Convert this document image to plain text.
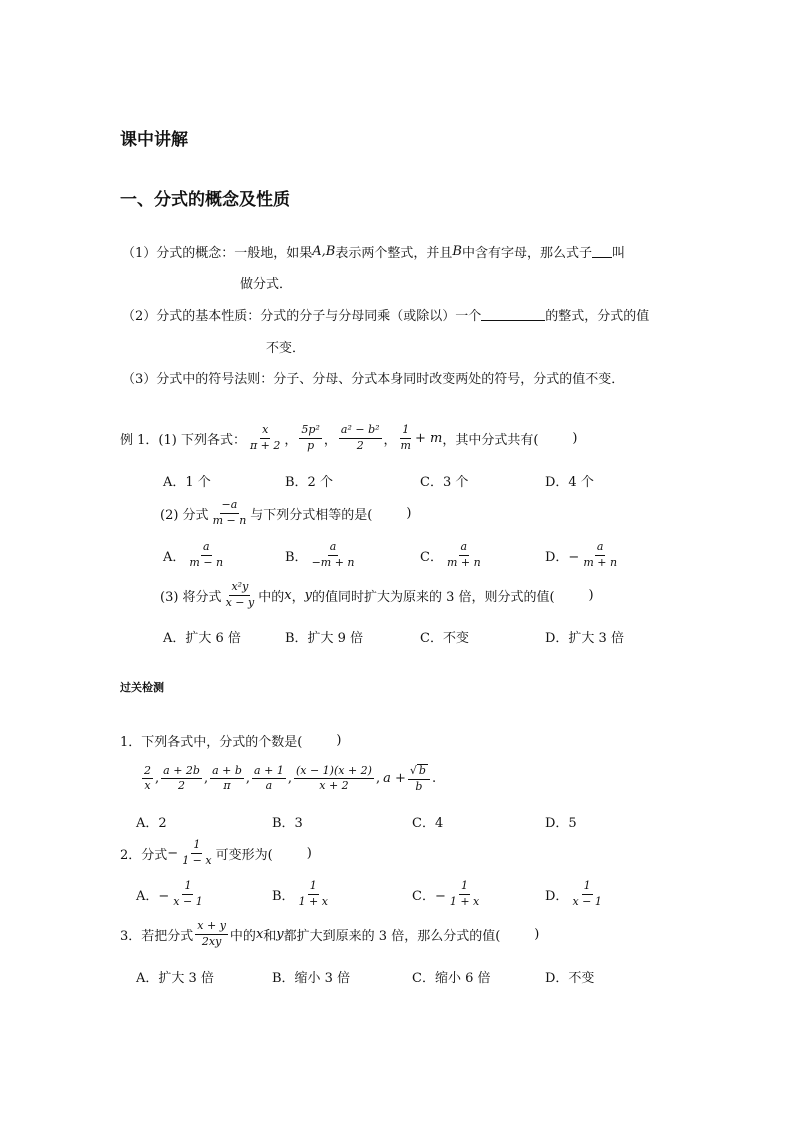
课中讲解
一、分式的概念及性质
（1）分式的概念：一般地，如果 A,B 表示两个整式，并且 B 中含有字母，那么式子 叫
做分式．
（2）分式的基本性质：分式的分子与分母同乘（或除以）一个	的整式，分式的值
不变．
（3）分式中的符号法则：分子、分母、分式本身同时改变两处的符号，分式的值不变．
例 1．(1) 下列各式： $\frac{x}{\pi + 2}$ ， $\frac{\text{5p²}}{p}$ ， $\frac{\text{a² − b²}}{2}$ ， $\frac{1}{m} + m$ ，其中分式共有(	)
A．1 个	B．2 个	C．3 个	D．4 个
(2) 分式 $\frac{-a}{m - n}$ 与下列分式相等的是(	)
A． $\frac{a}{m - n}$	B． $\frac{a}{-m + n}$	C． $\frac{a}{m + n}$	D．− $\frac{a}{m + n}$
(3) 将分式 $\frac{\text{x²y}}{x - y}$ 中的 x ， y 的值同时扩大为原来的 3 倍，则分式的值(	)
A．扩大 6 倍	B．扩大 9 倍	C．不变	D．扩大 3 倍
过关检测
1．下列各式中，分式的个数是(	)
$\frac{2}{x}$ , $\frac{a + 2b}{2}$ , $\frac{a + b}{\pi}$ , $\frac{a + 1}{a}$ , $\frac{(x - 1)(x + 2)}{x + 2}$ , $a + \frac{√ b}{b}$ .
A．2	B．3	C．4	D．5
2．分式 − $\frac{1}{1 - x}$ 可变形为(	)
A．− $\frac{1}{x - 1}$	B． $\frac{1}{1 + x}$	C．− $\frac{1}{1 + x}$	D． $\frac{1}{x - 1}$
3．若把分式 $\frac{x + y}{2xy}$ 中的 x 和 y 都扩大到原来的 3 倍，那么分式的值(	)
A．扩大 3 倍	B．缩小 3 倍	C．缩小 6 倍	D．不变
